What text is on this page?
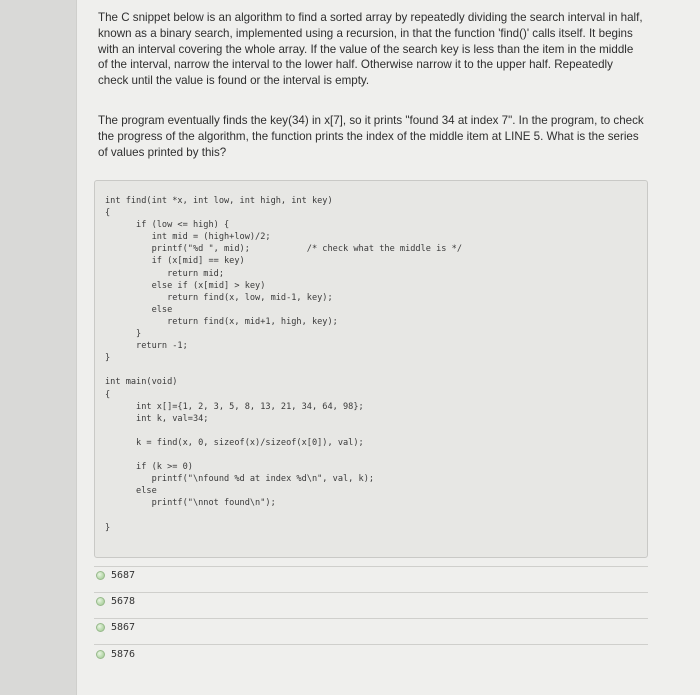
The C snippet below is an algorithm to find a sorted array by repeatedly dividing the search interval in half, known as a binary search, implemented using a recursion, in that the function 'find()' calls itself. It begins with an interval covering the whole array. If the value of the search key is less than the item in the middle of the interval, narrow the interval to the lower half. Otherwise narrow it to the upper half. Repeatedly check until the value is found or the interval is empty.

The program eventually finds the key(34) in x[7], so it prints "found 34 at index 7". In the program, to check the progress of the algorithm, the function prints the index of the middle item at LINE 5. What is the series of values printed by this?

int find(int *x, int low, int high, int key)
{
if (low <= high) {
int mid = (high+low)/2;
printf("%d ", mid);           /* check what the middle is */
if (x[mid] == key)
return mid;
else if (x[mid] > key)
return find(x, low, mid-1, key);
else
return find(x, mid+1, high, key);
}
return -1;
}

int main(void)
{
int x[]={1, 2, 3, 5, 8, 13, 21, 34, 64, 98};
int k, val=34;

k = find(x, 0, sizeof(x)/sizeof(x[0]), val);

if (k >= 0)
printf("\nfound %d at index %d\n", val, k);
else
printf("\nnot found\n");

}
5687
5678
5867
5876
